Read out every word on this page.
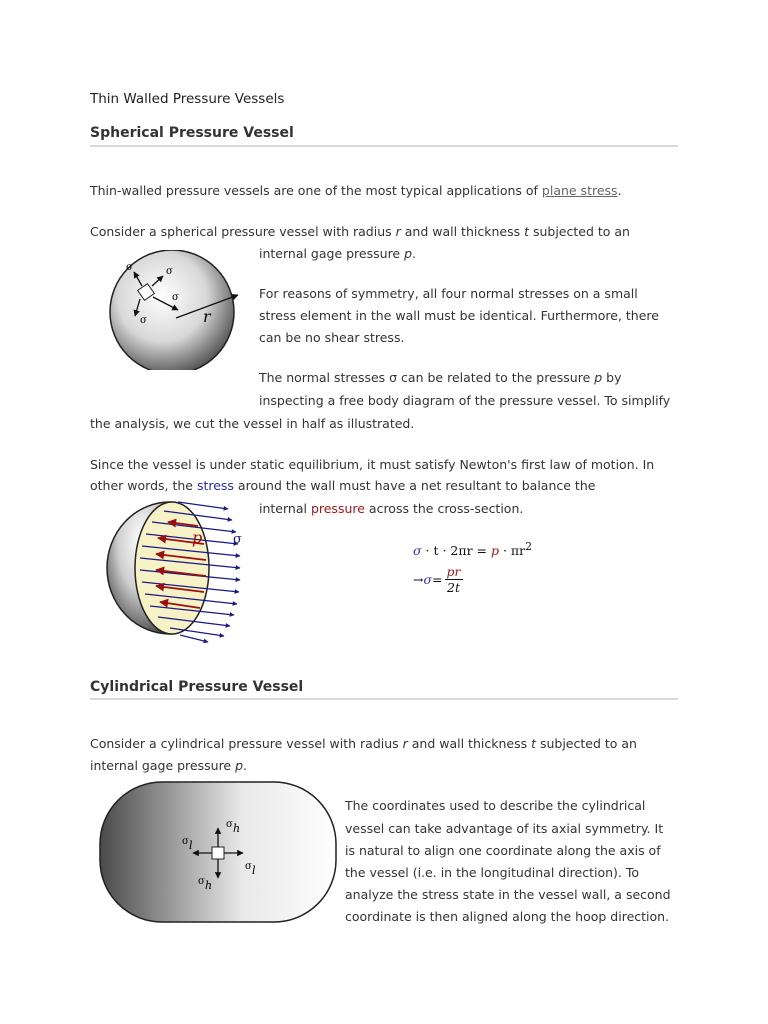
Thin Walled Pressure Vessels
Spherical Pressure Vessel
Thin-walled pressure vessels are one of the most typical applications of plane stress.
Consider a spherical pressure vessel with radius r and wall thickness t subjected to an
internal gage pressure p.
σ	σ
σ
σ	r
For reasons of symmetry, all four normal stresses on a small
stress element in the wall must be identical. Furthermore, there
can be no shear stress.
The normal stresses σ can be related to the pressure p by
inspecting a free body diagram of the pressure vessel. To simplify
the analysis, we cut the vessel in half as illustrated.
Since the vessel is under static equilibrium, it must satisfy Newton's first law of motion. In
other words, the stress around the wall must have a net resultant to balance the
internal pressure across the cross-section.
p σ
$\sigma \cdot t \cdot 2\pi r = p \cdot \pi r^2$
→ $\sigma = \frac{pr}{2t}$
Cylindrical Pressure Vessel
Consider a cylindrical pressure vessel with radius r and wall thickness t subjected to an
internal gage pressure p.
σ h
σ l
σ l
σ h
The coordinates used to describe the cylindrical
vessel can take advantage of its axial symmetry. It
is natural to align one coordinate along the axis of
the vessel (i.e. in the longitudinal direction). To
analyze the stress state in the vessel wall, a second
coordinate is then aligned along the hoop direction.
